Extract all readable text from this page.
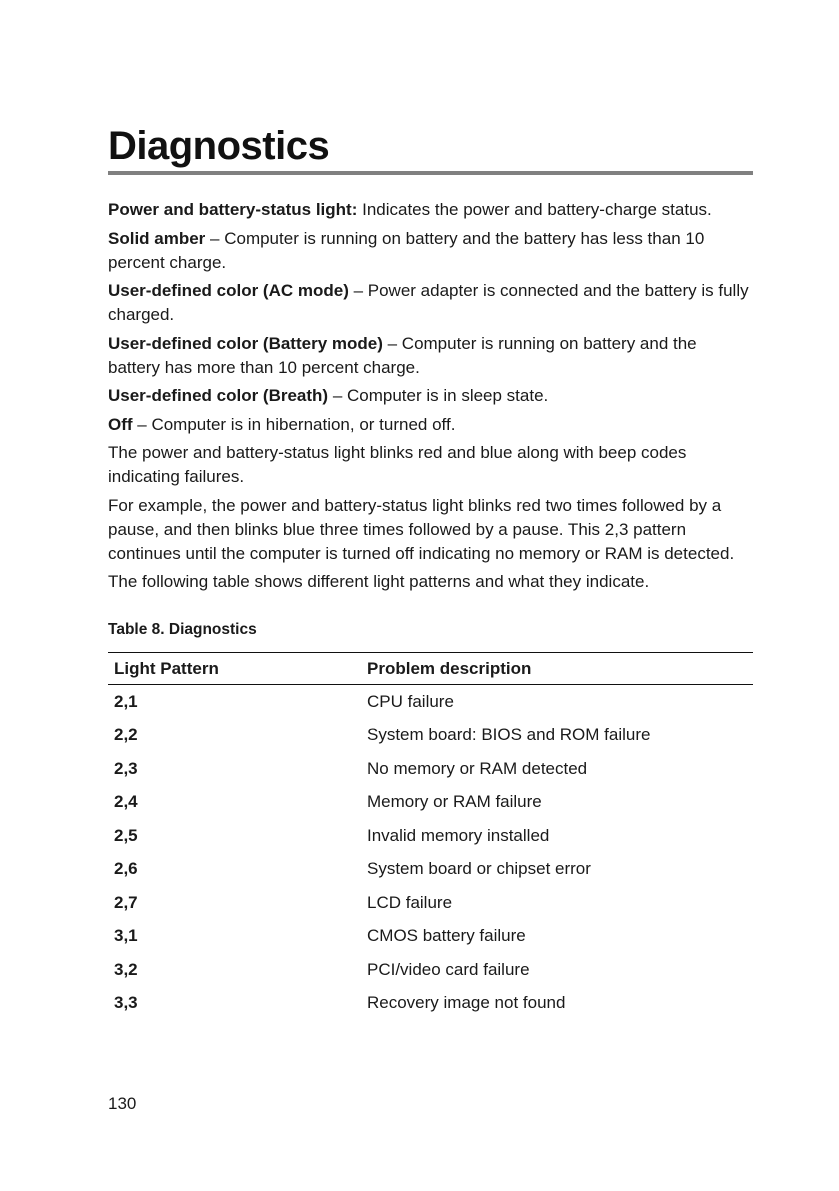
Diagnostics

Power and battery-status light: Indicates the power and battery-charge status.

Solid amber – Computer is running on battery and the battery has less than 10 percent charge.

User-defined color (AC mode) – Power adapter is connected and the battery is fully charged.

User-defined color (Battery mode) – Computer is running on battery and the battery has more than 10 percent charge.

User-defined color (Breath) – Computer is in sleep state.

Off – Computer is in hibernation, or turned off.

The power and battery-status light blinks red and blue along with beep codes indicating failures.

For example, the power and battery-status light blinks red two times followed by a pause, and then blinks blue three times followed by a pause. This 2,3 pattern continues until the computer is turned off indicating no memory or RAM is detected.

The following table shows different light patterns and what they indicate.

Table 8. Diagnostics
Light Pattern	Problem description
2,1	CPU failure
2,2	System board: BIOS and ROM failure
2,3	No memory or RAM detected
2,4	Memory or RAM failure
2,5	Invalid memory installed
2,6	System board or chipset error
2,7	LCD failure
3,1	CMOS battery failure
3,2	PCI/video card failure
3,3	Recovery image not found
130
